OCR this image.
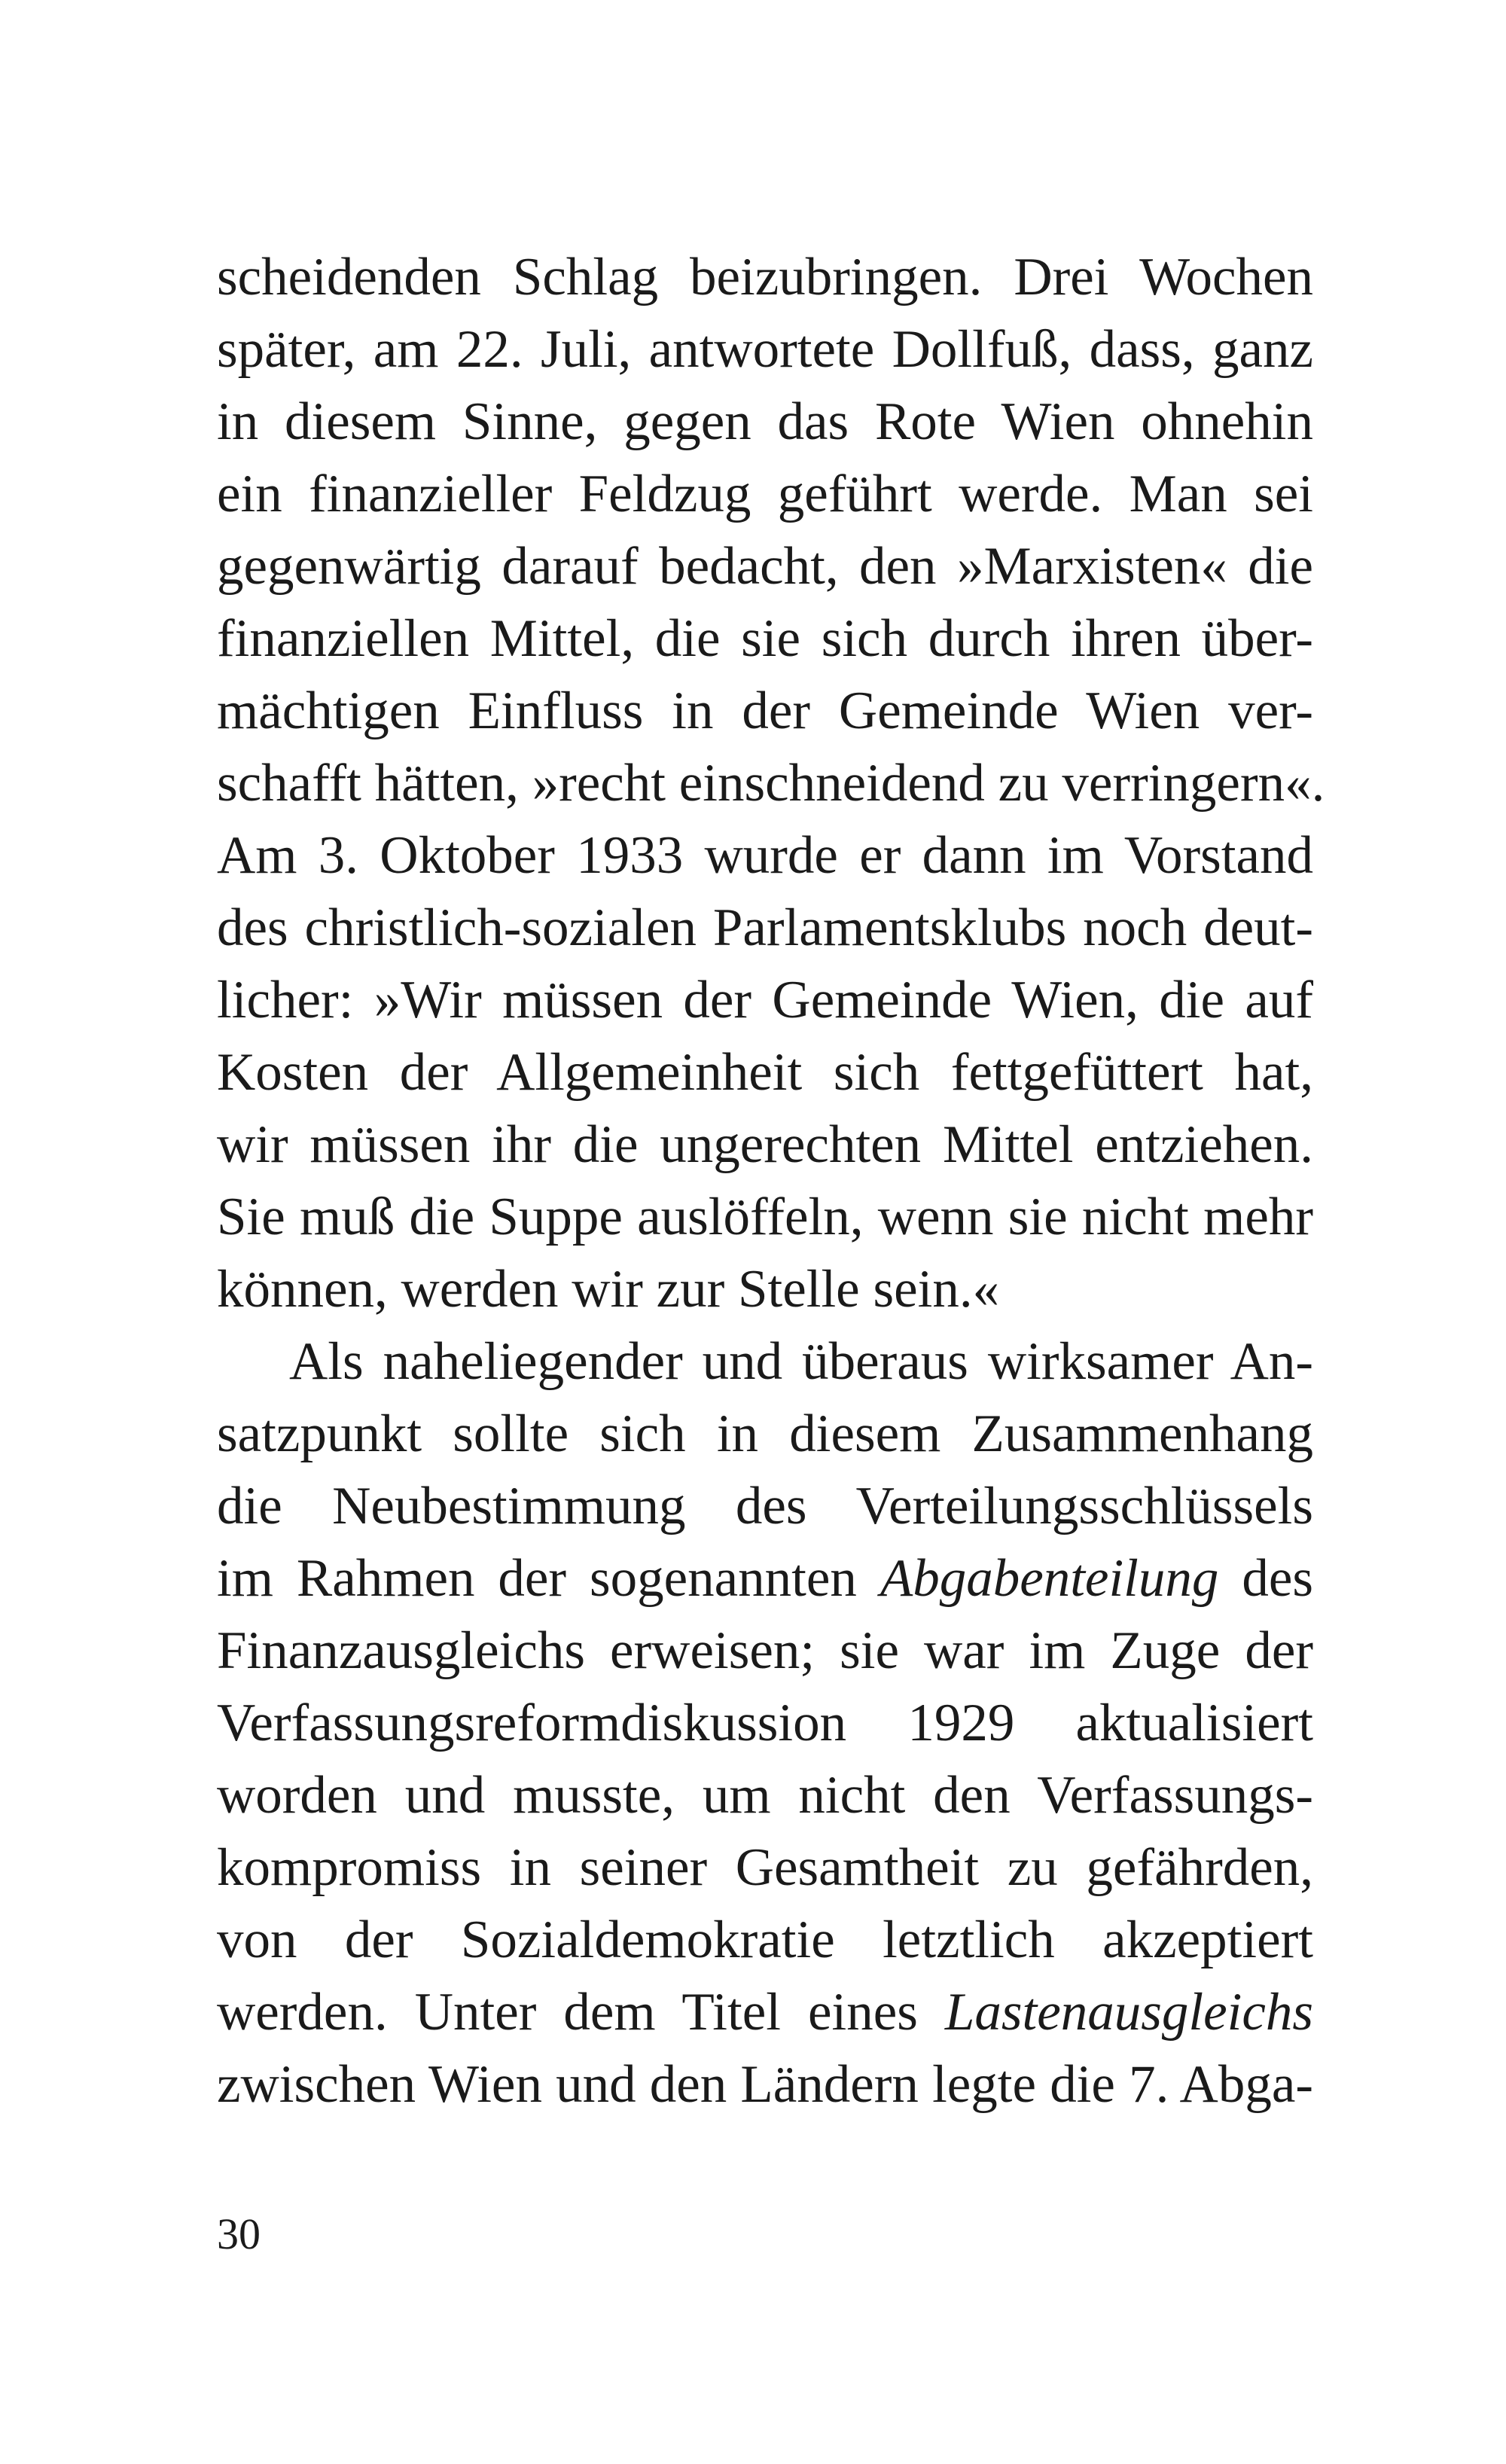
scheidenden Schlag beizubringen. Drei Wochen
später, am 22. Juli, antwortete Dollfuß, dass, ganz
in diesem Sinne, gegen das Rote Wien ohnehin
ein finanzieller Feldzug geführt werde. Man sei
gegenwärtig darauf bedacht, den »Marxisten« die
finanziellen Mittel, die sie sich durch ihren über-
mächtigen Einfluss in der Gemeinde Wien ver-
schafft hätten, »recht einschneidend zu verringern«.
Am 3. Oktober 1933 wurde er dann im Vorstand
des christlich-sozialen Parlamentsklubs noch deut-
licher: »Wir müssen der Gemeinde Wien, die auf
Kosten der Allgemeinheit sich fettgefüttert hat,
wir müssen ihr die ungerechten Mittel entziehen.
Sie muß die Suppe auslöffeln, wenn sie nicht mehr
können, werden wir zur Stelle sein.«
Als naheliegender und überaus wirksamer An-
satzpunkt sollte sich in diesem Zusammenhang
die Neubestimmung des Verteilungsschlüssels
im Rahmen der sogenannten Abgabenteilung des
Finanzausgleichs erweisen; sie war im Zuge der
Verfassungsreformdiskussion 1929 aktualisiert
worden und musste, um nicht den Verfassungs-
kompromiss in seiner Gesamtheit zu gefährden,
von der Sozialdemokratie letztlich akzeptiert
werden. Unter dem Titel eines Lastenausgleichs
zwischen Wien und den Ländern legte die 7. Abga-
30
